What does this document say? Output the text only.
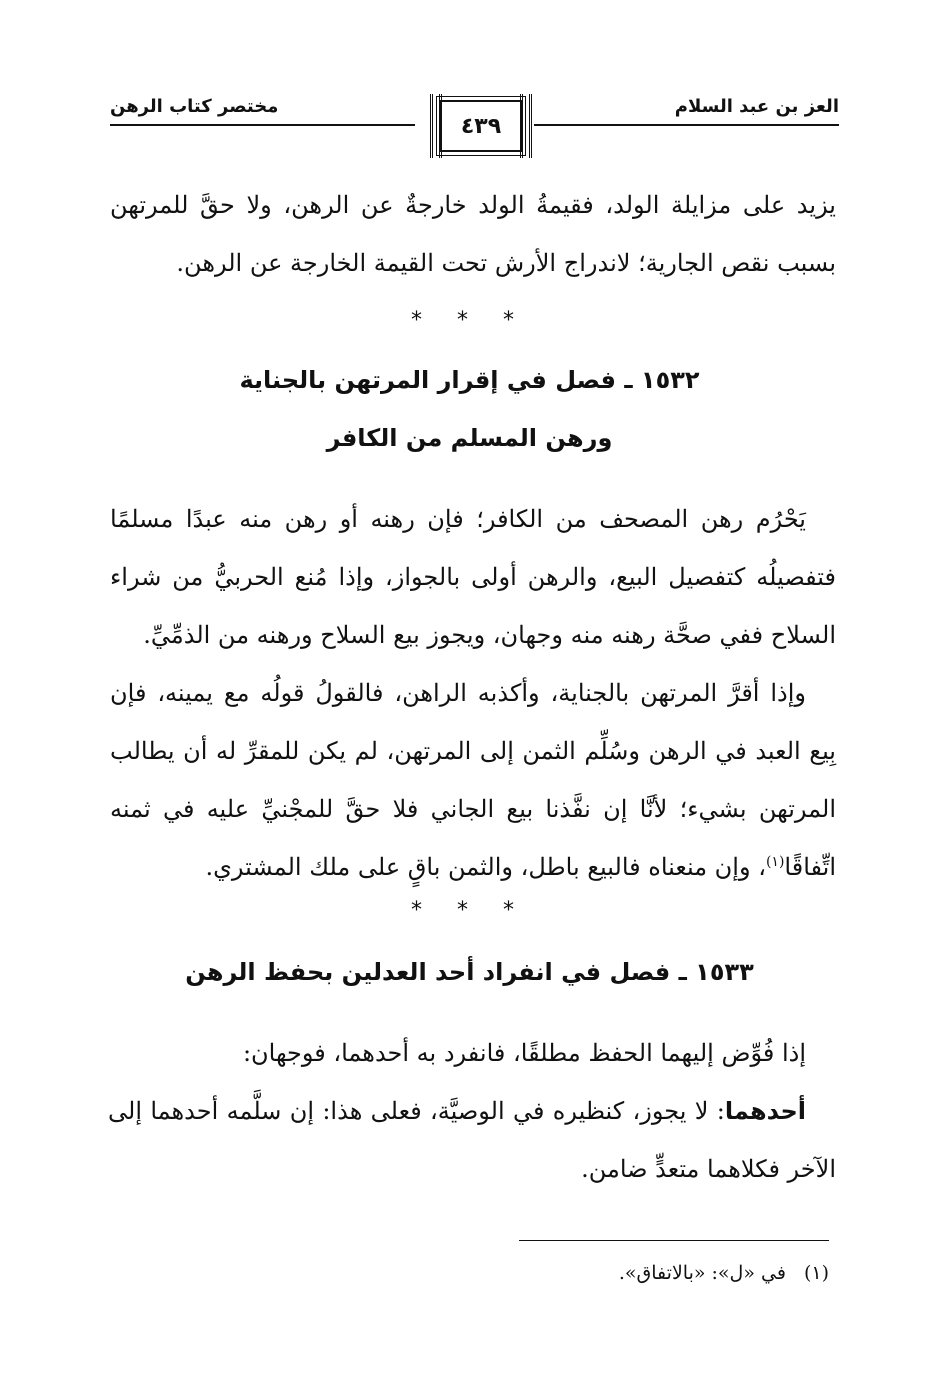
العز بن عبد السلام
مختصر كتاب الرهن
٤٣٩
يزيد على مزايلة الولد، فقيمةُ الولد خارجةٌ عن الرهن، ولا حقَّ للمرتهن بسبب نقص الجارية؛ لاندراج الأرش تحت القيمة الخارجة عن الرهن.
* * *
١٥٣٢ ـ فصل في إقرار المرتهن بالجناية
ورهن المسلم من الكافر
يَحْرُم رهن المصحف من الكافر؛ فإن رهنه أو رهن منه عبدًا مسلمًا فتفصيلُه كتفصيل البيع، والرهن أولى بالجواز، وإذا مُنع الحربيُّ من شراء السلاح ففي صحَّة رهنه منه وجهان، ويجوز بيع السلاح ورهنه من الذمِّيِّ.
وإذا أقرَّ المرتهن بالجناية، وأكذبه الراهن، فالقولُ قولُه مع يمينه، فإن بِيع العبد في الرهن وسُلِّم الثمن إلى المرتهن، لم يكن للمقرِّ له أن يطالب المرتهن بشيء؛ لأنَّا إن نفَّذنا بيع الجاني فلا حقَّ للمجْنيِّ عليه في ثمنه اتِّفاقًا$^{(١)}$، وإن منعناه فالبيع باطل، والثمن باقٍ على ملك المشتري.
* * *
١٥٣٣ ـ فصل في انفراد أحد العدلين بحفظ الرهن
إذا فُوِّض إليهما الحفظ مطلقًا، فانفرد به أحدهما، فوجهان:
أحدهما: لا يجوز، كنظيره في الوصيَّة، فعلى هذا: إن سلَّمه أحدهما إلى الآخر فكلاهما متعدٍّ ضامن.
(١)في «ل»: «بالاتفاق».
